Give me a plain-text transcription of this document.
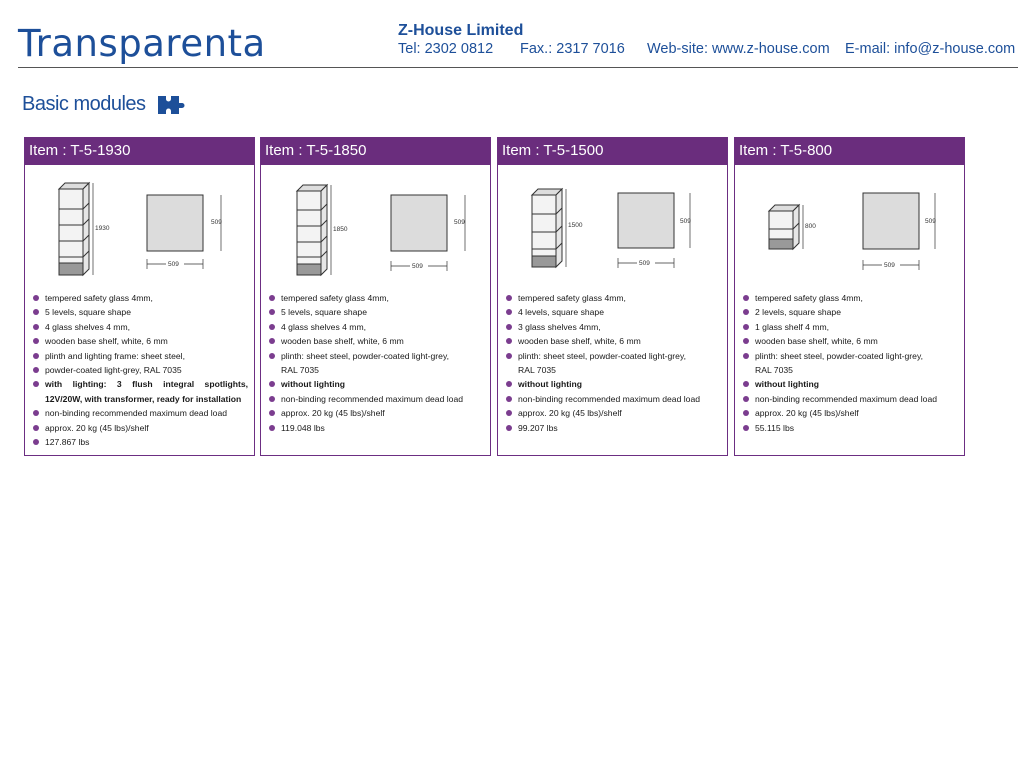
Transparenta	Z-House Limited
Tel: 2302 0812 Fax.: 2317 7016 Web-site: www.z-house.com E-mail: info@z-house.com
Basic modules
Item : T-5-1930
1930
509
509
tempered safety glass 4mm,
5 levels, square shape
4 glass shelves 4 mm,
wooden base shelf, white, 6 mm
plinth and lighting frame: sheet steel,
powder-coated light-grey, RAL 7035
with lighting: 3 flush integral spotlights,
12V/20W, with transformer, ready for installation
non-binding recommended maximum dead load
approx. 20 kg (45 lbs)/shelf
127.867 lbs
Item : T-5-1850
1850
509
509
tempered safety glass 4mm,
5 levels, square shape
4 glass shelves 4 mm,
wooden base shelf, white, 6 mm
plinth: sheet steel, powder-coated light-grey,
RAL 7035
without lighting
non-binding recommended maximum dead load
approx. 20 kg (45 lbs)/shelf
119.048 lbs
Item : T-5-1500
1500
509
509
tempered safety glass 4mm,
4 levels, square shape
3 glass shelves 4mm,
wooden base shelf, white, 6 mm
plinth: sheet steel, powder-coated light-grey,
RAL 7035
without lighting
non-binding recommended maximum dead load
approx. 20 kg (45 lbs)/shelf
99.207 lbs
Item : T-5-800
800
509
509
tempered safety glass 4mm,
2 levels, square shape
1 glass shelf 4 mm,
wooden base shelf, white, 6 mm
plinth: sheet steel, powder-coated light-grey,
RAL 7035
without lighting
non-binding recommended maximum dead load
approx. 20 kg (45 lbs)/shelf
55.115 lbs
